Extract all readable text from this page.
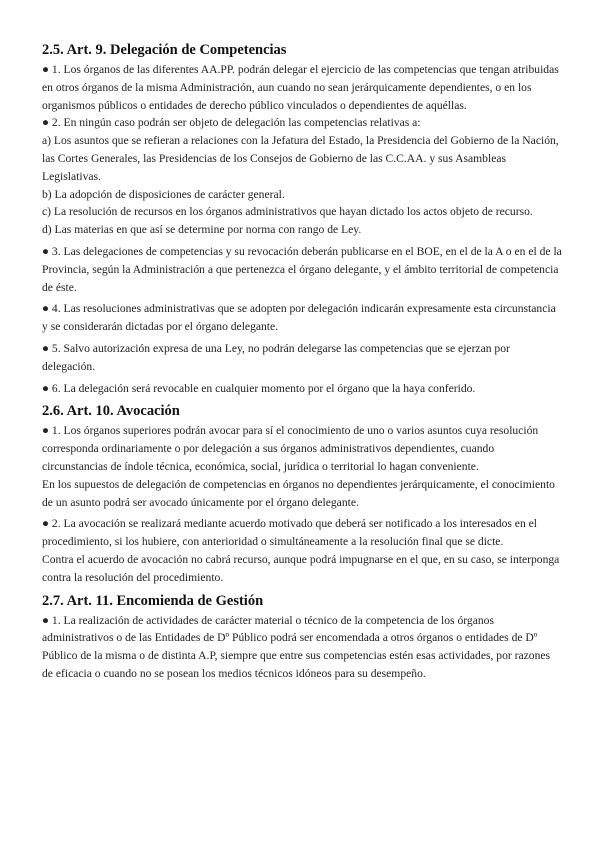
2.5. Art. 9. Delegación de Competencias

● 1. Los órganos de las diferentes AA.PP. podrán delegar el ejercicio de las competencias que tengan atribuidas en otros órganos de la misma Administración, aun cuando no sean jerárquicamente dependientes, o en los organismos públicos o entidades de derecho público vinculados o dependientes de aquéllas.

● 2. En ningún caso podrán ser objeto de delegación las competencias relativas a:

a) Los asuntos que se refieran a relaciones con la Jefatura del Estado, la Presidencia del Gobierno de la Nación, las Cortes Generales, las Presidencias de los Consejos de Gobierno de las C.C.AA. y sus Asambleas Legislativas.

b) La adopción de disposiciones de carácter general.

c) La resolución de recursos en los órganos administrativos que hayan dictado los actos objeto de recurso.

d) Las materias en que así se determine por norma con rango de Ley.

● 3. Las delegaciones de competencias y su revocación deberán publicarse en el BOE, en el de la A o en el de la Provincia, según la Administración a que pertenezca el órgano delegante, y el ámbito territorial de competencia de éste.

● 4. Las resoluciones administrativas que se adopten por delegación indicarán expresamente esta circunstancia y se considerarán dictadas por el órgano delegante.

● 5. Salvo autorización expresa de una Ley, no podrán delegarse las competencias que se ejerzan por delegación.

● 6. La delegación será revocable en cualquier momento por el órgano que la haya conferido.

2.6. Art. 10. Avocación

● 1. Los órganos superiores podrán avocar para sí el conocimiento de uno o varios asuntos cuya resolución corresponda ordinariamente o por delegación a sus órganos administrativos dependientes, cuando circunstancias de índole técnica, económica, social, jurídica o territorial lo hagan conveniente.

En los supuestos de delegación de competencias en órganos no dependientes jerárquicamente, el conocimiento de un asunto podrá ser avocado únicamente por el órgano delegante.

● 2. La avocación se realizará mediante acuerdo motivado que deberá ser notificado a los interesados en el procedimiento, si los hubiere, con anterioridad o simultáneamente a la resolución final que se dicte.

Contra el acuerdo de avocación no cabrá recurso, aunque podrá impugnarse en el que, en su caso, se interponga contra la resolución del procedimiento.

2.7. Art. 11. Encomienda de Gestión

● 1. La realización de actividades de carácter material o técnico de la competencia de los órganos administrativos o de las Entidades de Dº Público podrá ser encomendada a otros órganos o entidades de Dº Público de la misma o de distinta A.P, siempre que entre sus competencias estén esas actividades, por razones de eficacia o cuando no se posean los medios técnicos idóneos para su desempeño.
